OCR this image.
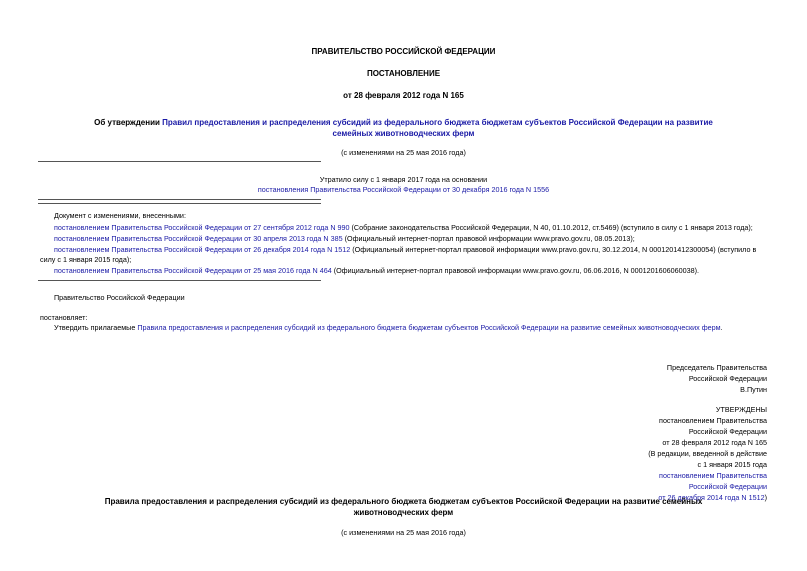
ПРАВИТЕЛЬСТВО РОССИЙСКОЙ ФЕДЕРАЦИИ
ПОСТАНОВЛЕНИЕ
от 28 февраля 2012 года N 165
Об утверждении Правил предоставления и распределения субсидий из федерального бюджета бюджетам субъектов Российской Федерации на развитие
семейных животноводческих ферм
(с изменениями на 25 мая 2016 года)
Утратило силу с 1 января 2017 года на основании
постановления Правительства Российской Федерации от 30 декабря 2016 года N 1556
Документ с изменениями, внесенными:
постановлением Правительства Российской Федерации от 27 сентября 2012 года N 990 (Собрание законодательства Российской Федерации, N 40, 01.10.2012, ст.5469) (вступило в силу с 1 января 2013 года);
постановлением Правительства Российской Федерации от 30 апреля 2013 года N 385 (Официальный интернет-портал правовой информации www.pravo.gov.ru, 08.05.2013);
постановлением Правительства Российской Федерации от 26 декабря 2014 года N 1512 (Официальный интернет-портал правовой информации www.pravo.gov.ru, 30.12.2014, N 0001201412300054) (вступило в
силу с 1 января 2015 года);
постановлением Правительства Российской Федерации от 25 мая 2016 года N 464 (Официальный интернет-портал правовой информации www.pravo.gov.ru, 06.06.2016, N 0001201606060038).
Правительство Российской Федерации
постановляет:
Утвердить прилагаемые Правила предоставления и распределения субсидий из федерального бюджета бюджетам субъектов Российской Федерации на развитие семейных животноводческих ферм.
Председатель Правительства
Российской Федерации
В.Путин
УТВЕРЖДЕНЫ
постановлением Правительства
Российской Федерации
от 28 февраля 2012 года N 165
(В редакции, введенной в действие
с 1 января 2015 года
постановлением Правительства
Российской Федерации
от 26 декабря 2014 года N 1512)
Правила предоставления и распределения субсидий из федерального бюджета бюджетам субъектов Российской Федерации на развитие семейных
животноводческих ферм
(с изменениями на 25 мая 2016 года)
